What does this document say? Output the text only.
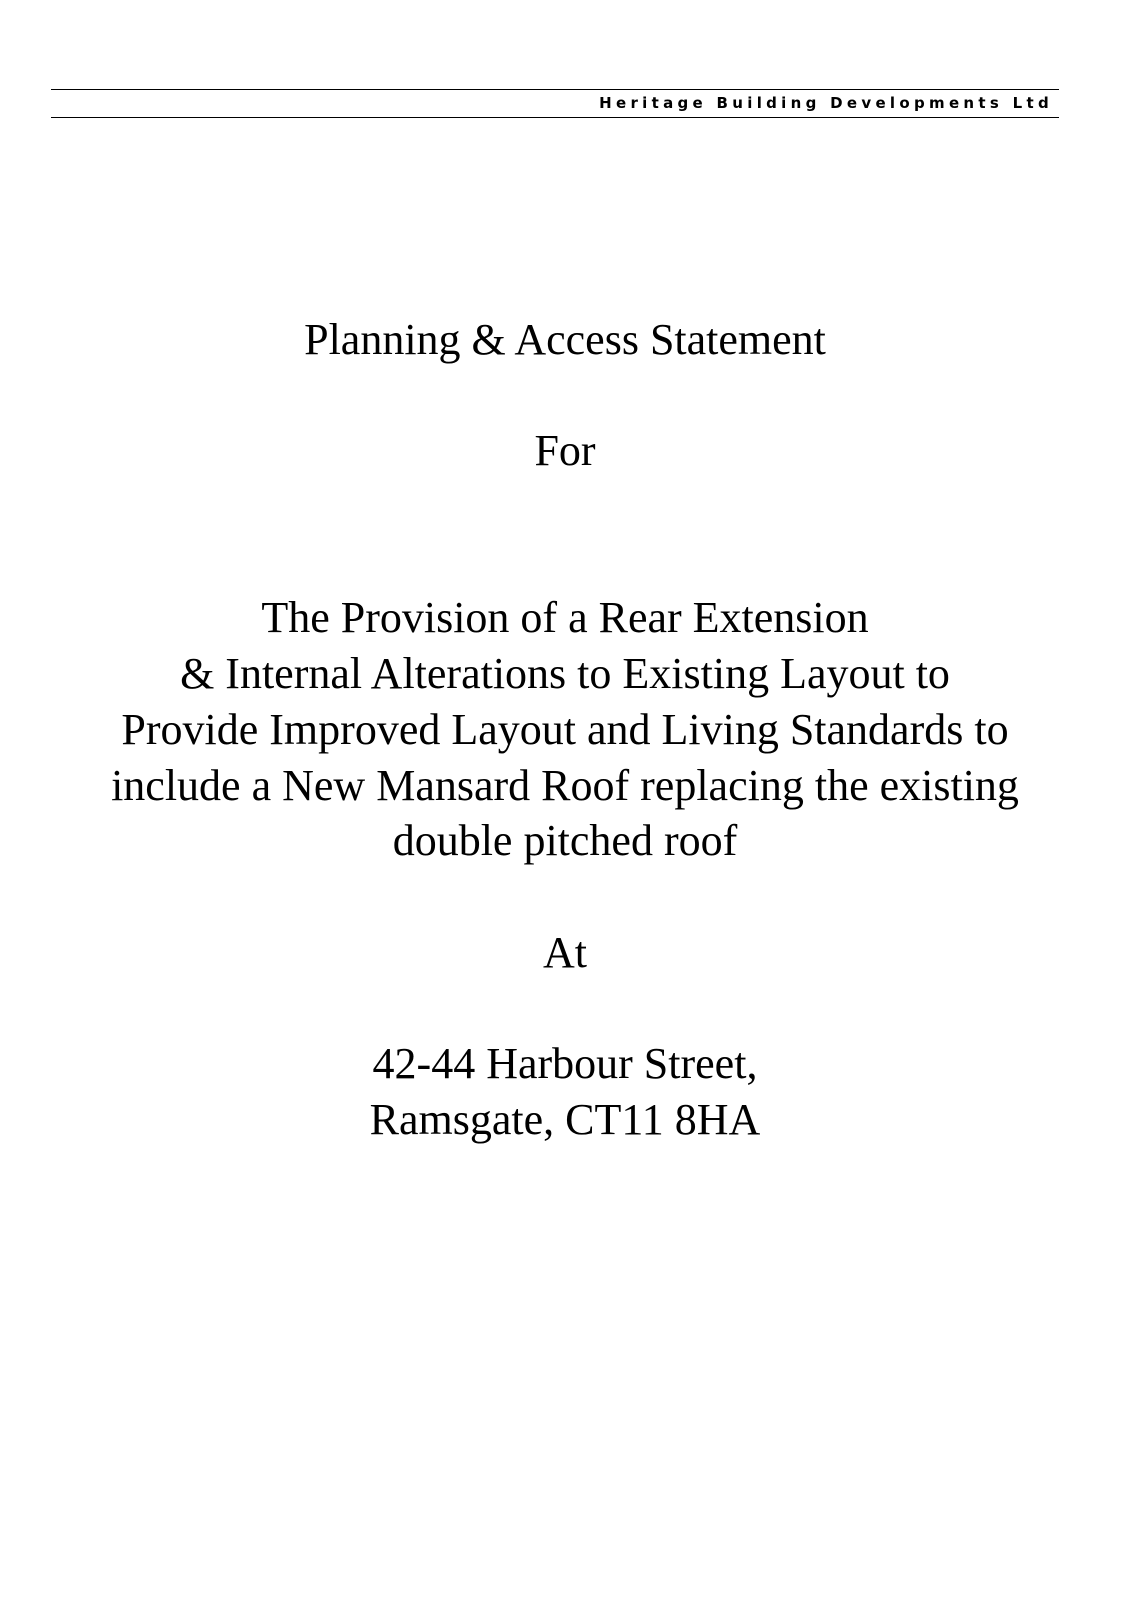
Heritage Building Developments Ltd
Planning & Access Statement
For
The Provision of a Rear Extension
& Internal Alterations to Existing Layout to
Provide Improved Layout and Living Standards to
include a New Mansard Roof replacing the existing
double pitched roof
At
42-44 Harbour Street,
Ramsgate, CT11 8HA
